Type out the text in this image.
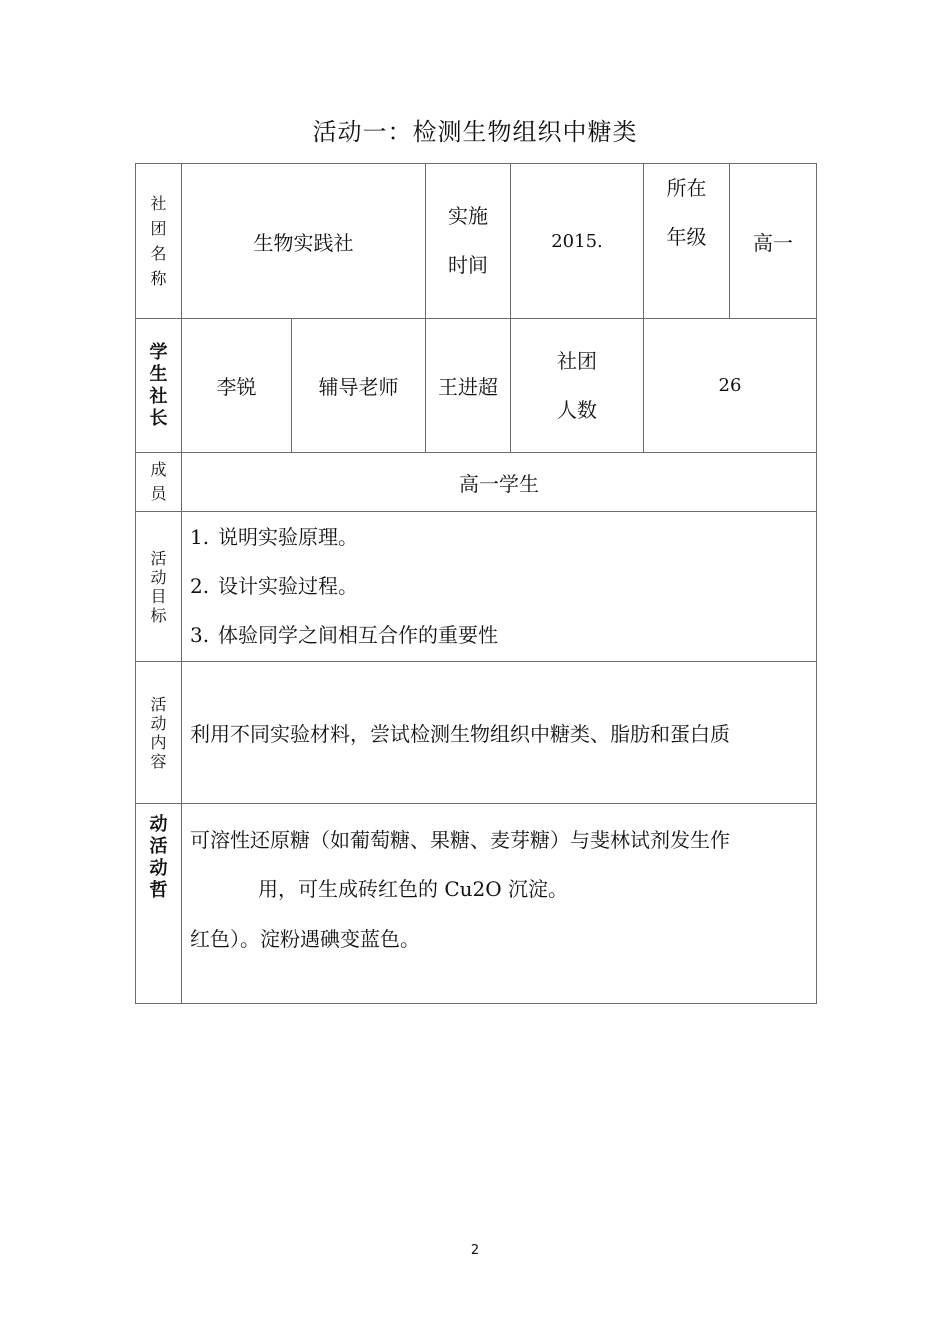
活动一：检测生物组织中糖类
社团名称
生物实践社
实施
时间
2015.
所在
年级 高一
学生社长
李锐	辅导老师 王进超
社团
人数
26
成员	高一学生
活动目标
1. 说明实验原理。
2. 设计实验过程。
3. 体验同学之间相互合作的重要性
活动内容
利用不同实验材料，尝试检测生物组织中糖类、脂肪和蛋白质
动活动哲
可溶性还原糖（如葡萄糖、果糖、麦芽糖）与斐林试剂发生作
用，可生成砖红色的 Cu2O 沉淀。
红色）。淀粉遇碘变蓝色。
2
